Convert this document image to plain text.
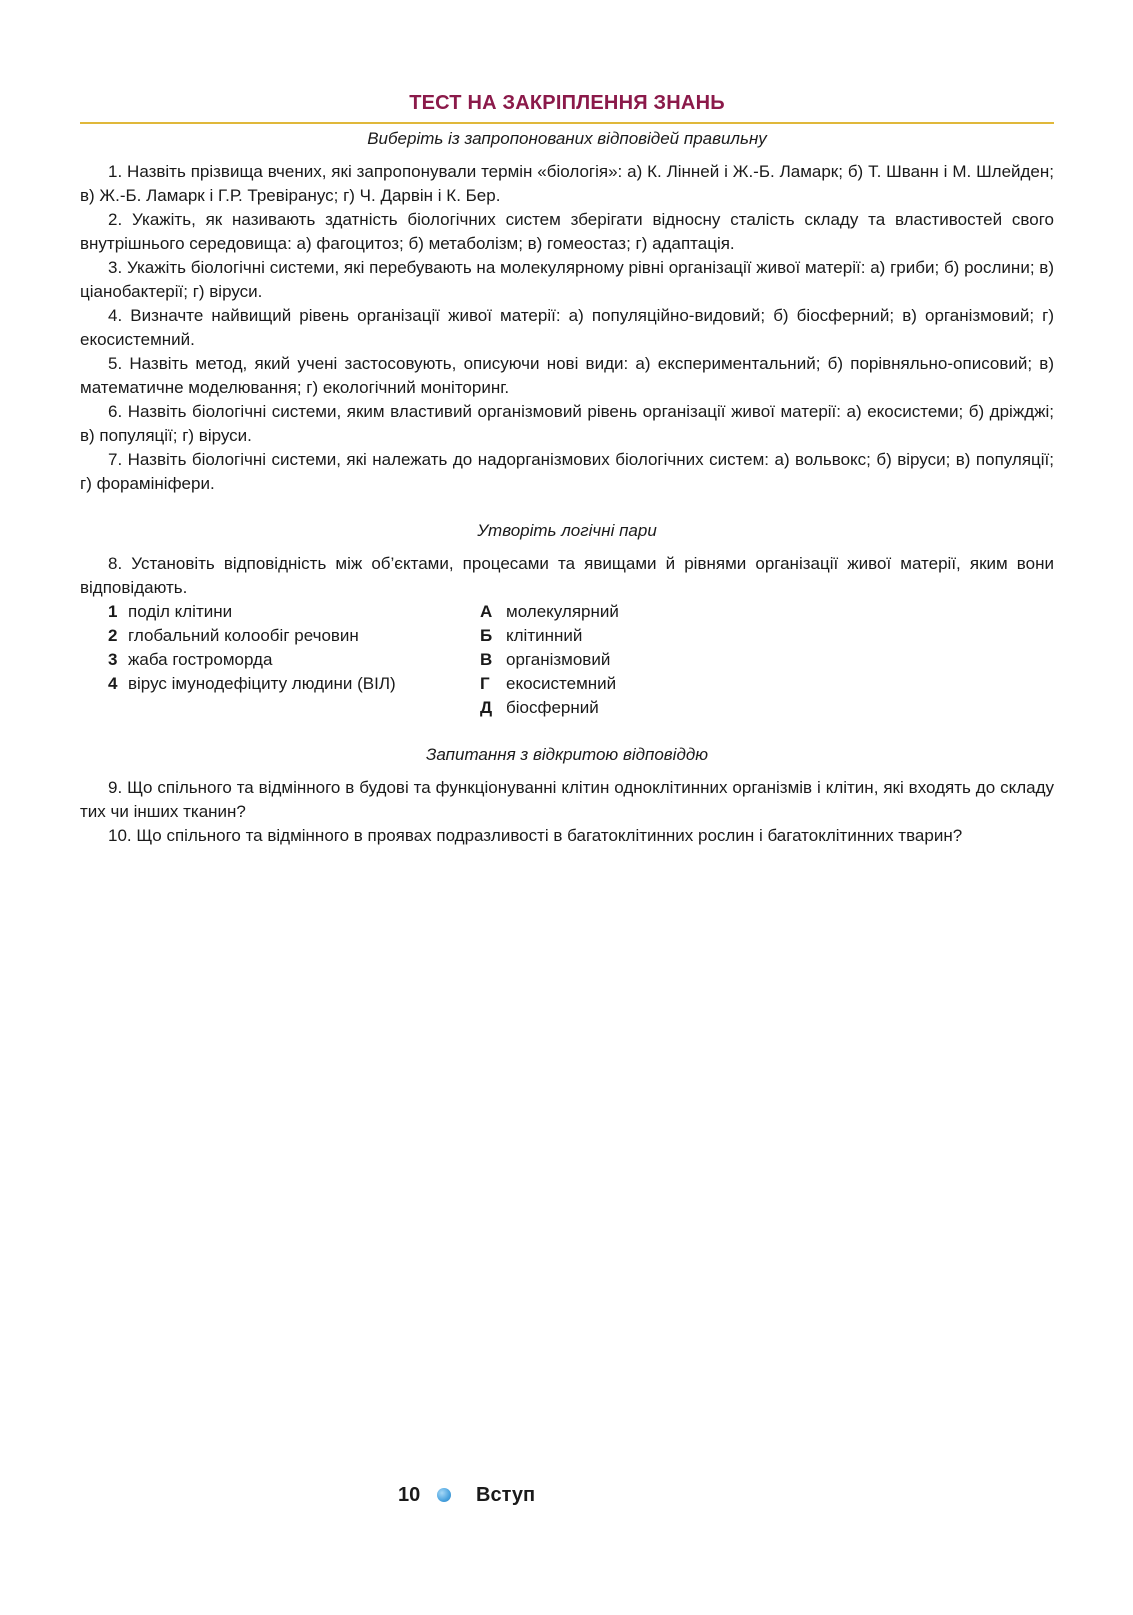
ТЕСТ НА ЗАКРІПЛЕННЯ ЗНАНЬ

Виберіть із запропонованих відповідей правильну

1. Назвіть прізвища вчених, які запропонували термін «біологія»: а) К. Лінней і Ж.-Б. Ламарк; б) Т. Шванн і М. Шлейден; в) Ж.-Б. Ламарк і Г.Р. Тревіранус; г) Ч. Дарвін і К. Бер.

2. Укажіть, як називають здатність біологічних систем зберігати відносну сталість складу та властивостей свого внутрішнього середовища: а) фагоцитоз; б) метаболізм; в) гомеостаз; г) адаптація.

3. Укажіть біологічні системи, які перебувають на молекулярному рівні організації живої матерії: а) гриби; б) рослини; в) ціанобактерії; г) віруси.

4. Визначте найвищий рівень організації живої матерії: а) популяційно-видовий; б) біосферний; в) організмовий; г) екосистемний.

5. Назвіть метод, який учені застосовують, описуючи нові види: а) експериментальний; б) порівняльно-описовий; в) математичне моделювання; г) екологічний моніторинг.

6. Назвіть біологічні системи, яким властивий організмовий рівень організації живої матерії: а) екосистеми; б) дріжджі; в) популяції; г) віруси.

7. Назвіть біологічні системи, які належать до надорганізмових біологічних систем: а) вольвокс; б) віруси; в) популяції; г) форамініфери.

Утворіть логічні пари

8. Установіть відповідність між об’єктами, процесами та явищами й рівнями організації живої матерії, яким вони відповідають.

1 поділ клітини
2 глобальний колообіг речовин
3 жаба гостроморда
4 вірус імунодефіциту людини (ВІЛ)
А молекулярний
Б клітинний
В організмовий
Г екосистемний
Д біосферний

Запитання з відкритою відповіддю

9. Що спільного та відмінного в будові та функціонуванні клітин одноклітинних організмів і клітин, які входять до складу тих чи інших тканин?

10. Що спільного та відмінного в проявах подразливості в багатоклітинних рослин і багатоклітинних тварин?

10	Вступ
